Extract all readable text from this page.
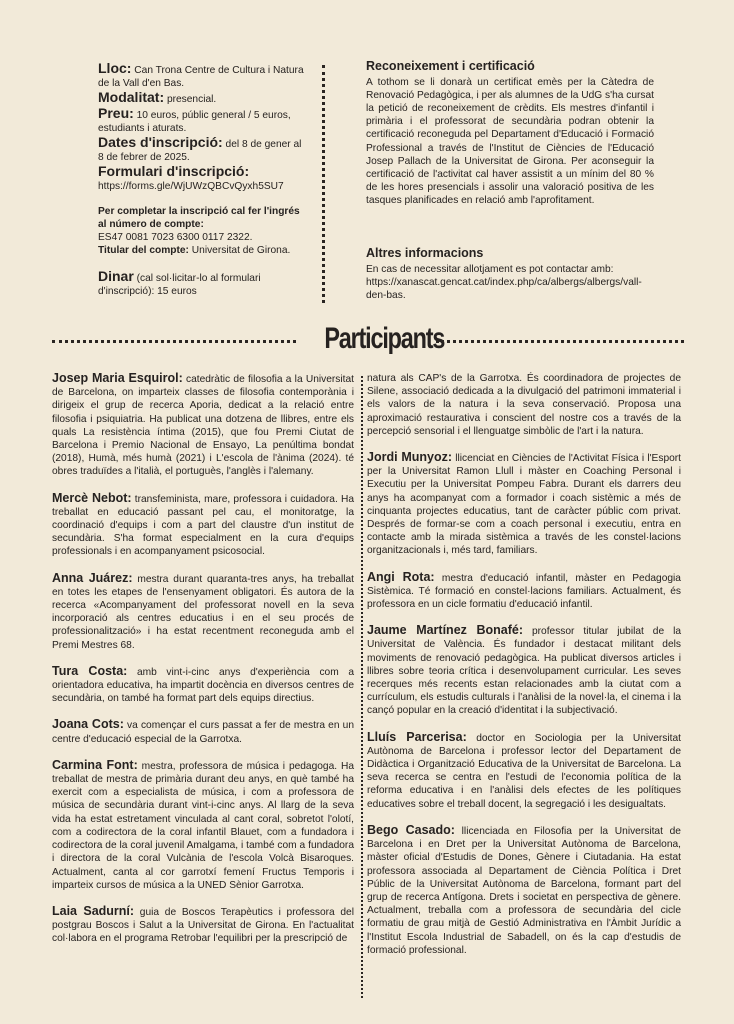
Lloc: Can Trona Centre de Cultura i Natura de la Vall d'en Bas.
Modalitat: presencial.
Preu: 10 euros, públic general / 5 euros, estudiants i aturats.
Dates d'inscripció: del 8 de gener al 8 de febrer de 2025.
Formulari d'inscripció:
https://forms.gle/WjUWzQBCvQyxh5SU7
Per completar la inscripció cal fer l'ingrés al número de compte:
ES47 0081 7023 6300 0117 2322.
Titular del compte: Universitat de Girona.
Dinar (cal sol·licitar-lo al formulari d'inscripció): 15 euros
Reconeixement i certificació

A tothom se li donarà un certificat emès per la Càtedra de Renovació Pedagògica, i per als alumnes de la UdG s'ha cursat la petició de reconeixement de crèdits. Els mestres d'infantil i primària i el professorat de secundària podran obtenir la certificació reconeguda pel Departament d'Educació i Formació Professional a través de l'Institut de Ciències de l'Educació Josep Pallach de la Universitat de Girona. Per aconseguir la certificació de l'activitat cal haver assistit a un mínim del 80 % de les hores presencials i assolir una valoració positiva de les tasques planificades en relació amb l'aprofitament.

Altres informacions

En cas de necessitar allotjament es pot contactar amb: https://xanascat.gencat.cat/index.php/ca/albergs/albergs/vall-den-bas.

Participants

Josep Maria Esquirol: catedràtic de filosofia a la Universitat de Barcelona, on imparteix classes de filosofia contemporània i dirigeix el grup de recerca Aporia, dedicat a la relació entre filosofia i psiquiatria. Ha publicat una dotzena de llibres, entre els quals La resistència íntima (2015), que fou Premi Ciutat de Barcelona i Premio Nacional de Ensayo, La penúltima bondat (2018), Humà, més humà (2021) i L'escola de l'ànima (2024). té obres traduïdes a l'italià, el portuguès, l'anglès i l'alemany.

Mercè Nebot: transfeminista, mare, professora i cuidadora. Ha treballat en educació passant pel cau, el monitoratge, la coordinació d'equips i com a part del claustre d'un institut de secundària. S'ha format especialment en la cura d'equips professionals i en acompanyament psicosocial.

Anna Juárez: mestra durant quaranta-tres anys, ha treballat en totes les etapes de l'ensenyament obligatori. És autora de la recerca «Acompanyament del professorat novell en la seva incorporació als centres educatius i en el seu procés de professionalització» i ha estat recentment reconeguda amb el Premi Mestres 68.

Tura Costa: amb vint-i-cinc anys d'experiència com a orientadora educativa, ha impartit docència en diversos centres de secundària, on també ha format part dels equips directius.

Joana Cots: va començar el curs passat a fer de mestra en un centre d'educació especial de la Garrotxa.

Carmina Font: mestra, professora de música i pedagoga. Ha treballat de mestra de primària durant deu anys, en què també ha exercit com a especialista de música, i com a professora de música de secundària durant vint-i-cinc anys. Al llarg de la seva vida ha estat estretament vinculada al cant coral, sobretot l'olotí, com a codirectora de la coral infantil Blauet, com a fundadora i codirectora de la coral juvenil Amalgama, i també com a fundadora i directora de la coral Vulcània de l'escola Volcà Bisaroques. Actualment, canta al cor garrotxí femení Fructus Temporis i imparteix cursos de música a la UNED Sènior Garrotxa.

Laia Sadurní: guia de Boscos Terapèutics i professora del postgrau Boscos i Salut a la Universitat de Girona. En l'actualitat col·labora en el programa Retrobar l'equilibri per la prescripció de

natura als CAP's de la Garrotxa. És coordinadora de projectes de Silene, associació dedicada a la divulgació del patrimoni immaterial i els valors de la natura i la seva conservació. Proposa una aproximació restaurativa i conscient del nostre cos a través de la percepció sensorial i el llenguatge simbòlic de l'art i la natura.

Jordi Munyoz: llicenciat en Ciències de l'Activitat Física i l'Esport per la Universitat Ramon Llull i màster en Coaching Personal i Executiu per la Universitat Pompeu Fabra. Durant els darrers deu anys ha acompanyat com a formador i coach sistèmic a més de cinquanta projectes educatius, tant de caràcter públic com privat. Després de formar-se com a coach personal i executiu, entra en contacte amb la mirada sistèmica a través de les constel·lacions organitzacionals i, més tard, familiars.

Angi Rota: mestra d'educació infantil, màster en Pedagogia Sistèmica. Té formació en constel·lacions familiars. Actualment, és professora en un cicle formatiu d'educació infantil.

Jaume Martínez Bonafé: professor titular jubilat de la Universitat de València. És fundador i destacat militant dels moviments de renovació pedagògica. Ha publicat diversos articles i llibres sobre teoria crítica i desenvolupament curricular. Les seves recerques més recents estan relacionades amb la ciutat com a currículum, els estudis culturals i l'anàlisi de la novel·la, el cinema i la cançó popular en la creació d'identitat i la subjectivació.

Lluís Parcerisa: doctor en Sociologia per la Universitat Autònoma de Barcelona i professor lector del Departament de Didàctica i Organització Educativa de la Universitat de Barcelona. La seva recerca se centra en l'estudi de l'economia política de la reforma educativa i en l'anàlisi dels efectes de les polítiques educatives sobre el treball docent, la segregació i les desigualtats.

Bego Casado: llicenciada en Filosofia per la Universitat de Barcelona i en Dret per la Universitat Autònoma de Barcelona, màster oficial d'Estudis de Dones, Gènere i Ciutadania. Ha estat professora associada al Departament de Ciència Política i Dret Públic de la Universitat Autònoma de Barcelona, formant part del grup de recerca Antígona. Drets i societat en perspectiva de gènere. Actualment, treballa com a professora de secundària del cicle formatiu de grau mitjà de Gestió Administrativa en l'Àmbit Jurídic a l'Institut Escola Industrial de Sabadell, on és la cap d'estudis de formació professional.
